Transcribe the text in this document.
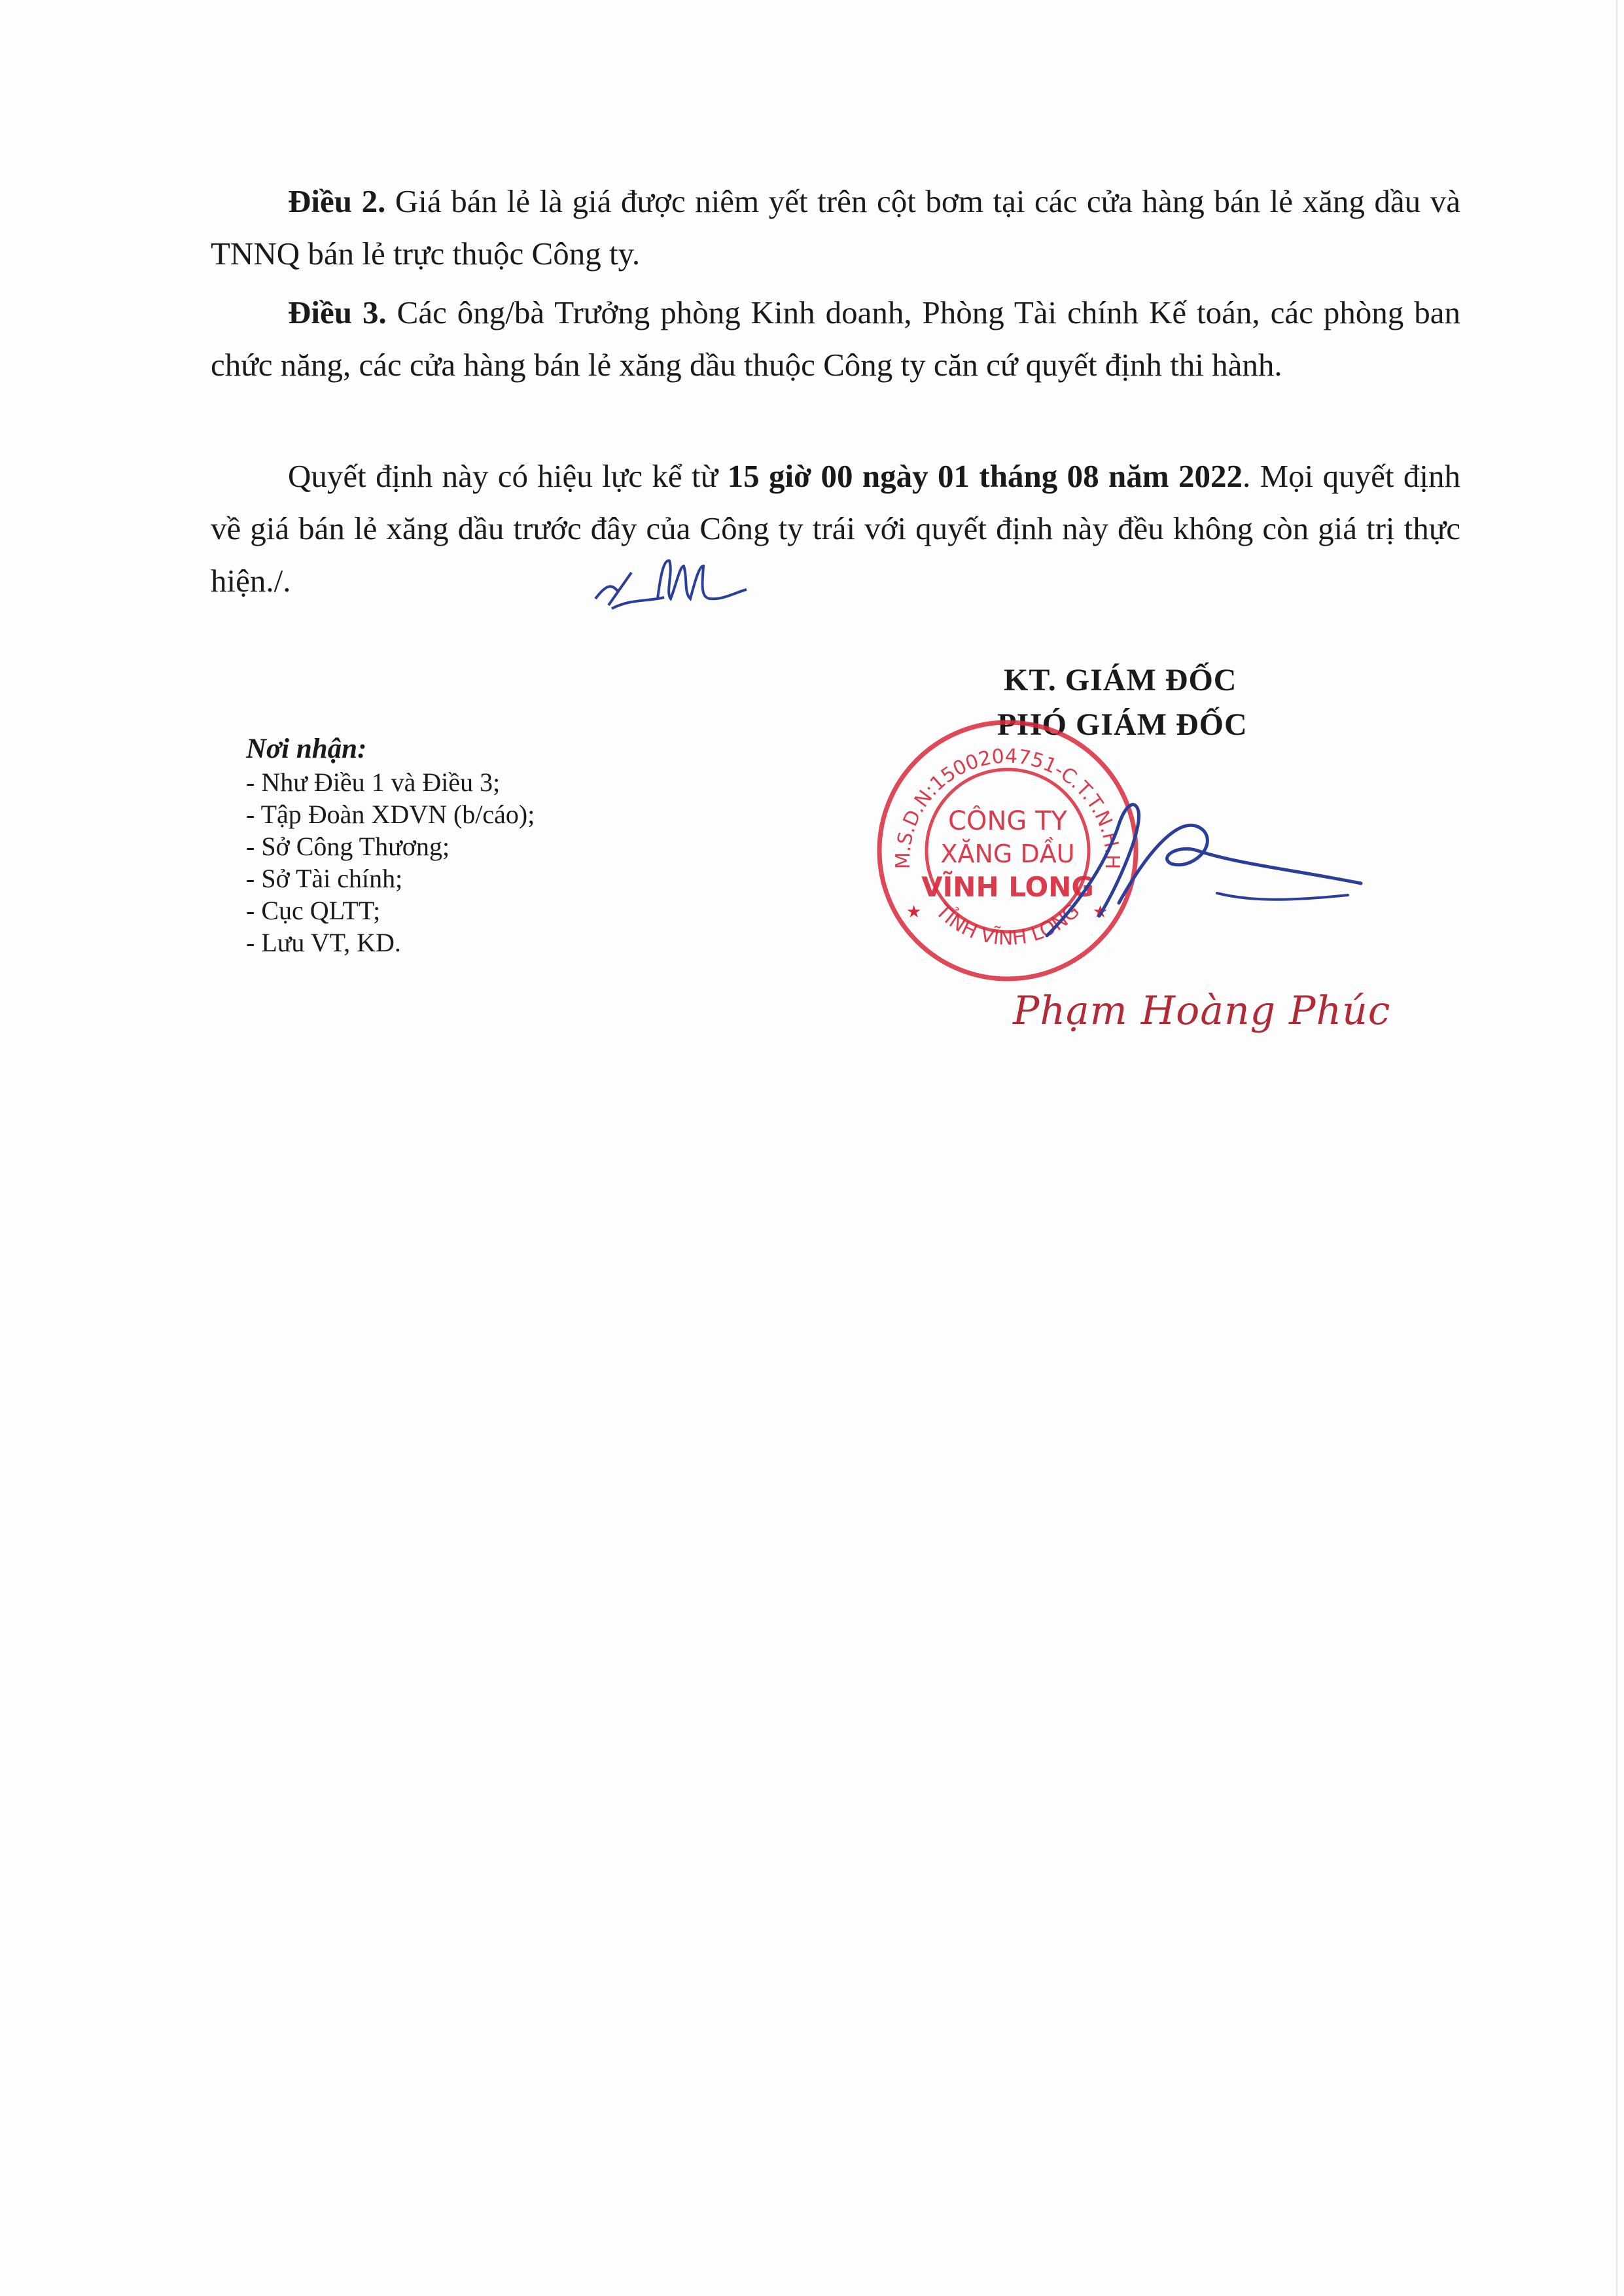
Điều 2. Giá bán lẻ là giá được niêm yết trên cột bơm tại các cửa hàng bán lẻ xăng dầu và TNNQ bán lẻ trực thuộc Công ty.

Điều 3. Các ông/bà Trưởng phòng Kinh doanh, Phòng Tài chính Kế toán, các phòng ban chức năng, các cửa hàng bán lẻ xăng dầu thuộc Công ty căn cứ quyết định thi hành.

Quyết định này có hiệu lực kể từ 15 giờ 00 ngày 01 tháng 08 năm 2022. Mọi quyết định về giá bán lẻ xăng dầu trước đây của Công ty trái với quyết định này đều không còn giá trị thực hiện./.

Nơi nhận:
- Như Điều 1 và Điều 3;
- Tập Đoàn XDVN (b/cáo);
- Sở Công Thương;
- Sở Tài chính;
- Cục QLTT;
- Lưu VT, KD.
KT. GIÁM ĐỐC
PHÓ GIÁM ĐỐC
M.S.D.N:1500204751-C.T.T.N.H.H
TỈNH VĨNH LONG
CÔNG TY
XĂNG DẦU
VĨNH LONG
★	★
Phạm Hoàng Phúc
